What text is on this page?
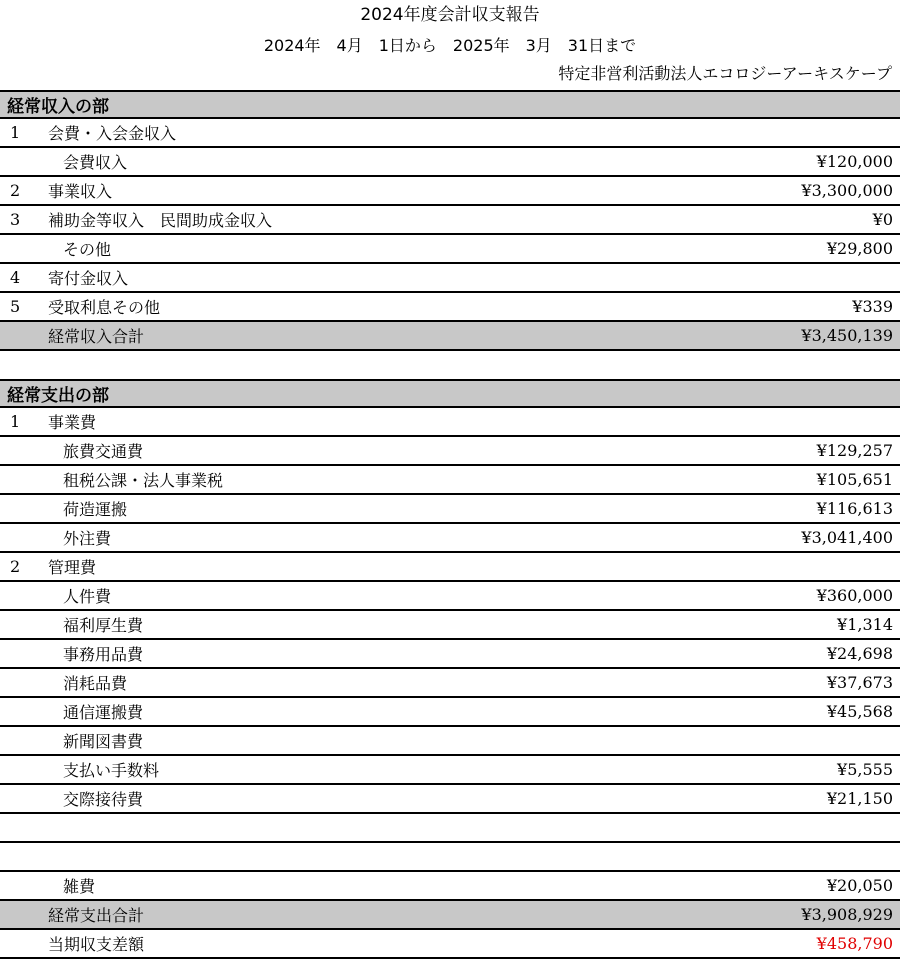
2024年度会計収支報告
2024年　4月　1日から　2025年　3月　31日まで
特定非営利活動法人エコロジーアーキスケープ
経常収入の部
1 会費・入会金収入
会費収入	¥120,000
2 事業収入	¥3,300,000
3 補助金等収入　民間助成金収入	¥0
その他	¥29,800
4 寄付金収入
5 受取利息その他	¥339
経常収入合計	¥3,450,139
経常支出の部
1 事業費
旅費交通費	¥129,257
租税公課・法人事業税	¥105,651
荷造運搬	¥116,613
外注費	¥3,041,400
2 管理費
人件費	¥360,000
福利厚生費	¥1,314
事務用品費	¥24,698
消耗品費	¥37,673
通信運搬費	¥45,568
新聞図書費
支払い手数料	¥5,555
交際接待費	¥21,150
雑費	¥20,050
経常支出合計	¥3,908,929
当期収支差額	¥458,790
